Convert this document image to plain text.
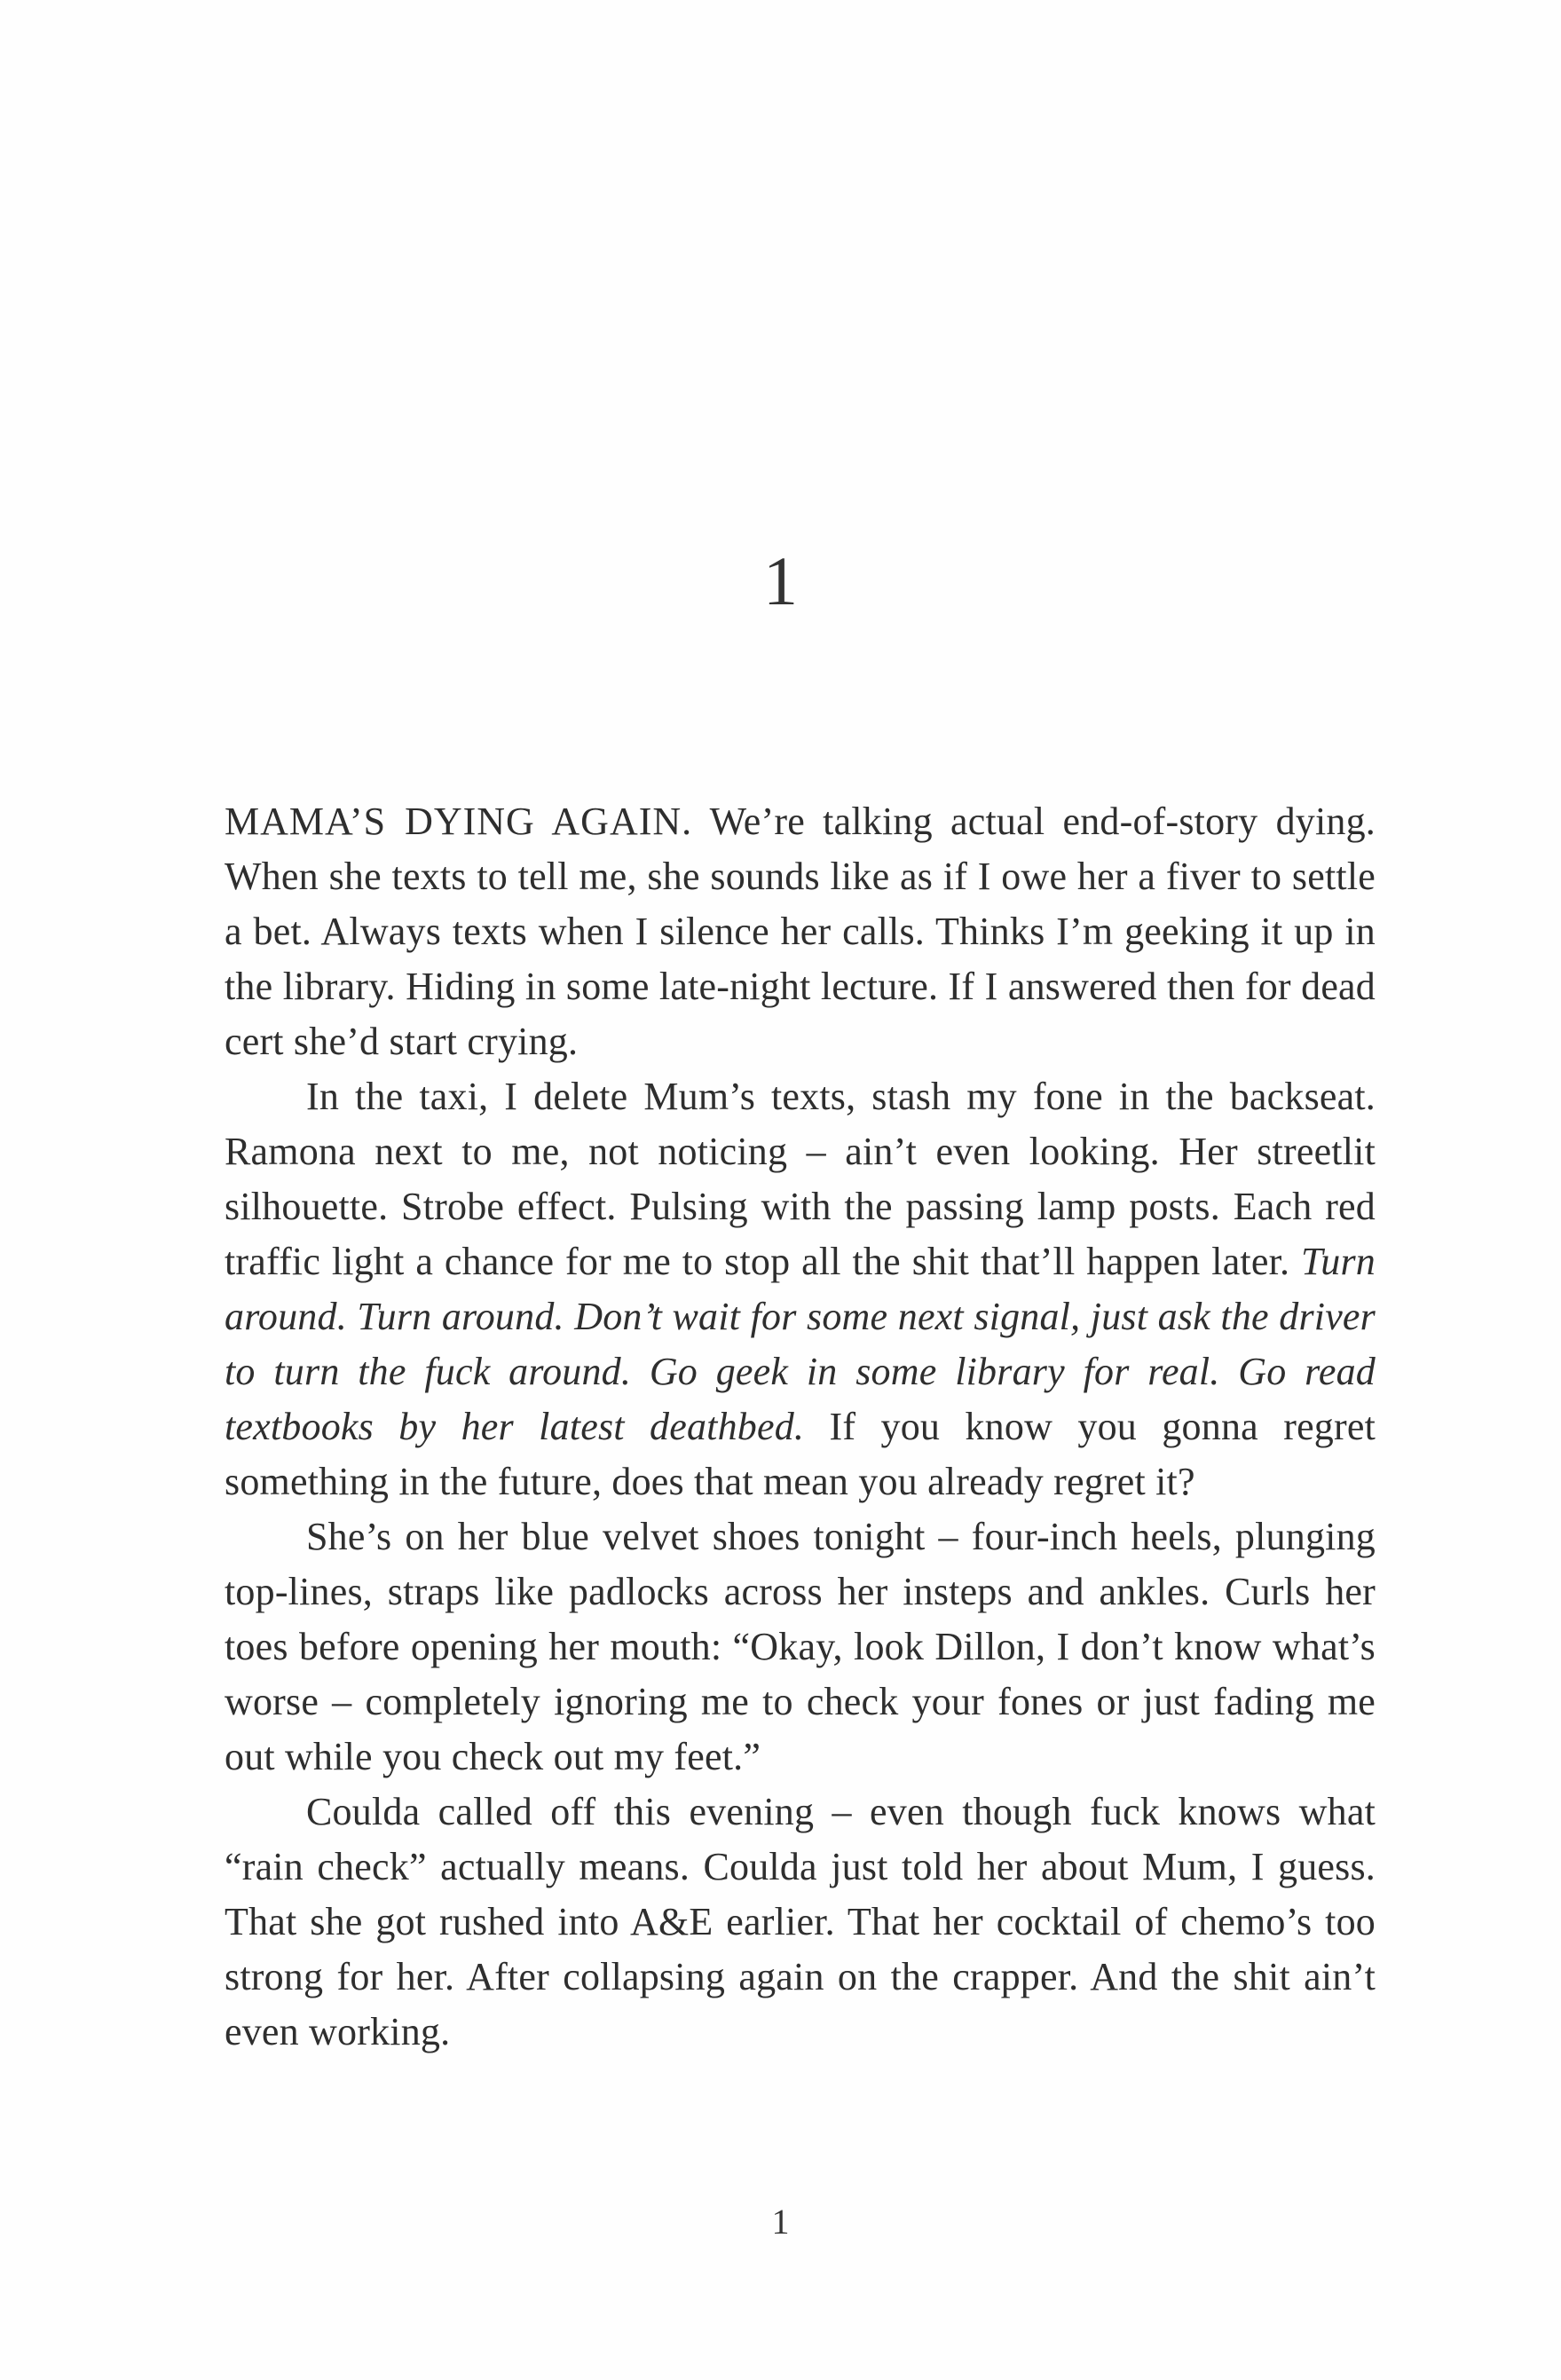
1

MAMA’S DYING AGAIN. We’re talking actual end-of-story dying. When she texts to tell me, she sounds like as if I owe her a fiver to settle a bet. Always texts when I silence her calls. Thinks I’m geeking it up in the library. Hiding in some late-night lecture. If I answered then for dead cert she’d start crying.

In the taxi, I delete Mum’s texts, stash my fone in the backseat. Ramona next to me, not noticing – ain’t even looking. Her streetlit silhouette. Strobe effect. Pulsing with the passing lamp posts. Each red traffic light a chance for me to stop all the shit that’ll happen later. Turn around. Turn around. Don’t wait for some next signal, just ask the driver to turn the fuck around. Go geek in some library for real. Go read textbooks by her latest deathbed. If you know you gonna regret something in the future, does that mean you already regret it?

She’s on her blue velvet shoes tonight – four-inch heels, plunging top-lines, straps like padlocks across her insteps and ankles. Curls her toes before opening her mouth: “Okay, look Dillon, I don’t know what’s worse – completely ignoring me to check your fones or just fading me out while you check out my feet.”

Coulda called off this evening – even though fuck knows what “rain check” actually means. Coulda just told her about Mum, I guess. That she got rushed into A&E earlier. That her cocktail of chemo’s too strong for her. After collapsing again on the crapper. And the shit ain’t even working.

1
